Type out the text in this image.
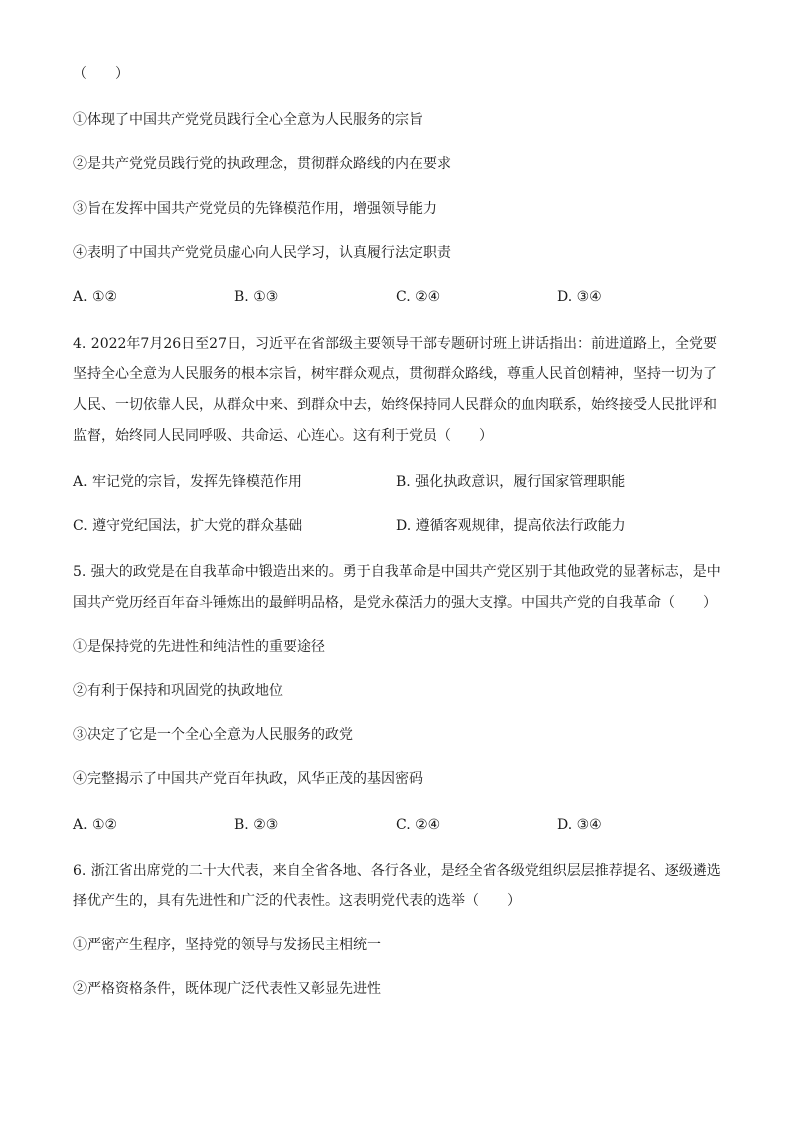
（　　）
①体现了中国共产党党员践行全心全意为人民服务的宗旨
②是共产党党员践行党的执政理念，贯彻群众路线的内在要求
③旨在发挥中国共产党党员的先锋模范作用，增强领导能力
④表明了中国共产党党员虚心向人民学习，认真履行法定职责
A. ①②	B. ①③	C. ②④	D. ③④
4. 2022年7月26日至27日，习近平在省部级主要领导干部专题研讨班上讲话指出：前进道路上，全党要
坚持全心全意为人民服务的根本宗旨，树牢群众观点，贯彻群众路线，尊重人民首创精神，坚持一切为了
人民、一切依靠人民，从群众中来、到群众中去，始终保持同人民群众的血肉联系，始终接受人民批评和
监督，始终同人民同呼吸、共命运、心连心。这有利于党员（　　）
A. 牢记党的宗旨，发挥先锋模范作用	B. 强化执政意识，履行国家管理职能
C. 遵守党纪国法，扩大党的群众基础	D. 遵循客观规律，提高依法行政能力
5. 强大的政党是在自我革命中锻造出来的。勇于自我革命是中国共产党区别于其他政党的显著标志，是中
国共产党历经百年奋斗锤炼出的最鲜明品格，是党永葆活力的强大支撑。中国共产党的自我革命（　　）
①是保持党的先进性和纯洁性的重要途径
②有利于保持和巩固党的执政地位
③决定了它是一个全心全意为人民服务的政党
④完整揭示了中国共产党百年执政，风华正茂的基因密码
A. ①②	B. ②③	C. ②④	D. ③④
6. 浙江省出席党的二十大代表，来自全省各地、各行各业，是经全省各级党组织层层推荐提名、逐级遴选
择优产生的，具有先进性和广泛的代表性。这表明党代表的选举（　　）
①严密产生程序，坚持党的领导与发扬民主相统一
②严格资格条件，既体现广泛代表性又彰显先进性
